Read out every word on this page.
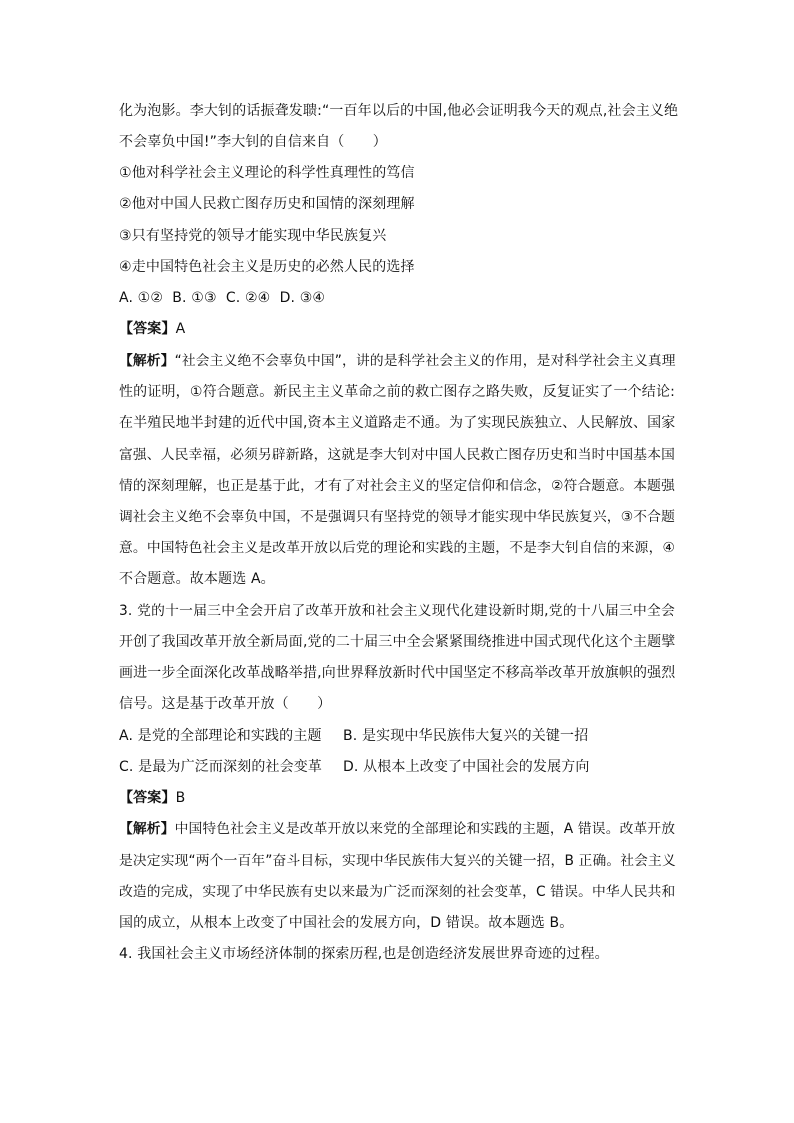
化为泡影。李大钊的话振聋发聩:“一百年以后的中国,他必会证明我今天的观点,社会主义绝
不会辜负中国!”李大钊的自信来自（　　）
①他对科学社会主义理论的科学性真理性的笃信
②他对中国人民救亡图存历史和国情的深刻理解
③只有坚持党的领导才能实现中华民族复兴
④走中国特色社会主义是历史的必然人民的选择
A. ①②  B. ①③  C. ②④  D. ③④
【答案】A
【解析】“社会主义绝不会辜负中国”，讲的是科学社会主义的作用，是对科学社会主义真理
性的证明，①符合题意。新民主主义革命之前的救亡图存之路失败，反复证实了一个结论:
在半殖民地半封建的近代中国,资本主义道路走不通。为了实现民族独立、人民解放、国家
富强、人民幸福，必须另辟新路，这就是李大钊对中国人民救亡图存历史和当时中国基本国
情的深刻理解，也正是基于此，才有了对社会主义的坚定信仰和信念，②符合题意。本题强
调社会主义绝不会辜负中国，不是强调只有坚持党的领导才能实现中华民族复兴，③不合题
意。中国特色社会主义是改革开放以后党的理论和实践的主题，不是李大钊自信的来源，④
不合题意。故本题选 A。
3. 党的十一届三中全会开启了改革开放和社会主义现代化建设新时期,党的十八届三中全会
开创了我国改革开放全新局面,党的二十届三中全会紧紧围绕推进中国式现代化这个主题擘
画进一步全面深化改革战略举措,向世界释放新时代中国坚定不移高举改革开放旗帜的强烈
信号。这是基于改革开放（　　）
A. 是党的全部理论和实践的主题 B. 是实现中华民族伟大复兴的关键一招
C. 是最为广泛而深刻的社会变革 D. 从根本上改变了中国社会的发展方向
【答案】B
【解析】中国特色社会主义是改革开放以来党的全部理论和实践的主题，A 错误。改革开放
是决定实现“两个一百年”奋斗目标，实现中华民族伟大复兴的关键一招，B 正确。社会主义
改造的完成，实现了中华民族有史以来最为广泛而深刻的社会变革，C 错误。中华人民共和
国的成立，从根本上改变了中国社会的发展方向，D 错误。故本题选 B。
4. 我国社会主义市场经济体制的探索历程,也是创造经济发展世界奇迹的过程。
